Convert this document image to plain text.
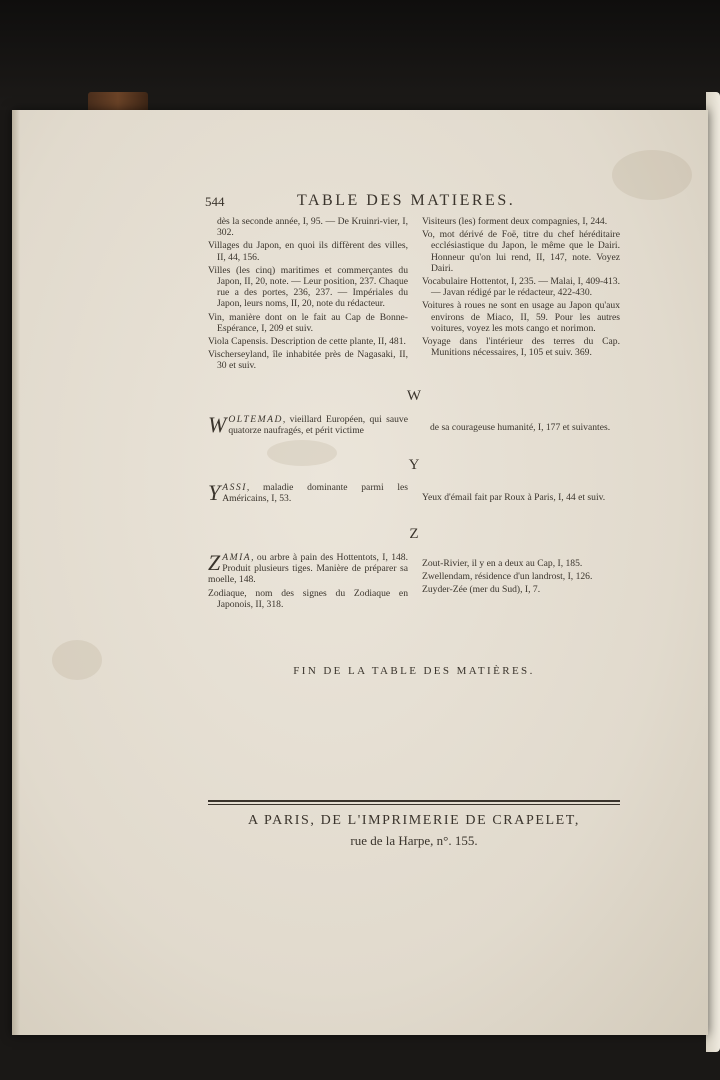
544	TABLE DES MATIERES.
dès la seconde année, I, 95. — De Kruinri-vier, I, 302.
Villages du Japon, en quoi ils diffèrent des villes, II, 44, 156.
Villes (les cinq) maritimes et commerçantes du Japon, II, 20, note. — Leur position, 237. Chaque rue a des portes, 236, 237. — Impériales du Japon, leurs noms, II, 20, note du rédacteur.
Vin, manière dont on le fait au Cap de Bonne-Espérance, I, 209 et suiv.
Viola Capensis. Description de cette plante, II, 481.
Vischerseyland, île inhabitée près de Nagasaki, II, 30 et suiv.
Visiteurs (les) forment deux compagnies, I, 244.
Vo, mot dérivé de Foë, titre du chef héréditaire ecclésiastique du Japon, le même que le Dairi. Honneur qu'on lui rend, II, 147, note. Voyez Dairi.
Vocabulaire Hottentot, I, 235. — Malai, I, 409-413. — Javan rédigé par le rédacteur, 422-430.
Voitures à roues ne sont en usage au Japon qu'aux environs de Miaco, II, 59. Pour les autres voitures, voyez les mots cango et norimon.
Voyage dans l'intérieur des terres du Cap. Munitions nécessaires, I, 105 et suiv. 369.
W
WOLTEMAD, vieillard Européen, qui sauve quatorze naufragés, et périt victime	de sa courageuse humanité, I, 177 et suivantes.
Y
YASSI, maladie dominante parmi les Américains, I, 53.	Yeux d'émail fait par Roux à Paris, I, 44 et suiv.
Z
ZAMIA, ou arbre à pain des Hottentots, I, 148. Produit plusieurs tiges. Manière de préparer sa moelle, 148.
Zodiaque, nom des signes du Zodiaque en Japonois, II, 318.
Zout-Rivier, il y en a deux au Cap, I, 185.
Zwellendam, résidence d'un landrost, I, 126.
Zuyder-Zée (mer du Sud), I, 7.
FIN DE LA TABLE DES MATIÈRES.
A PARIS, DE L'IMPRIMERIE DE CRAPELET,
rue de la Harpe, n°. 155.
